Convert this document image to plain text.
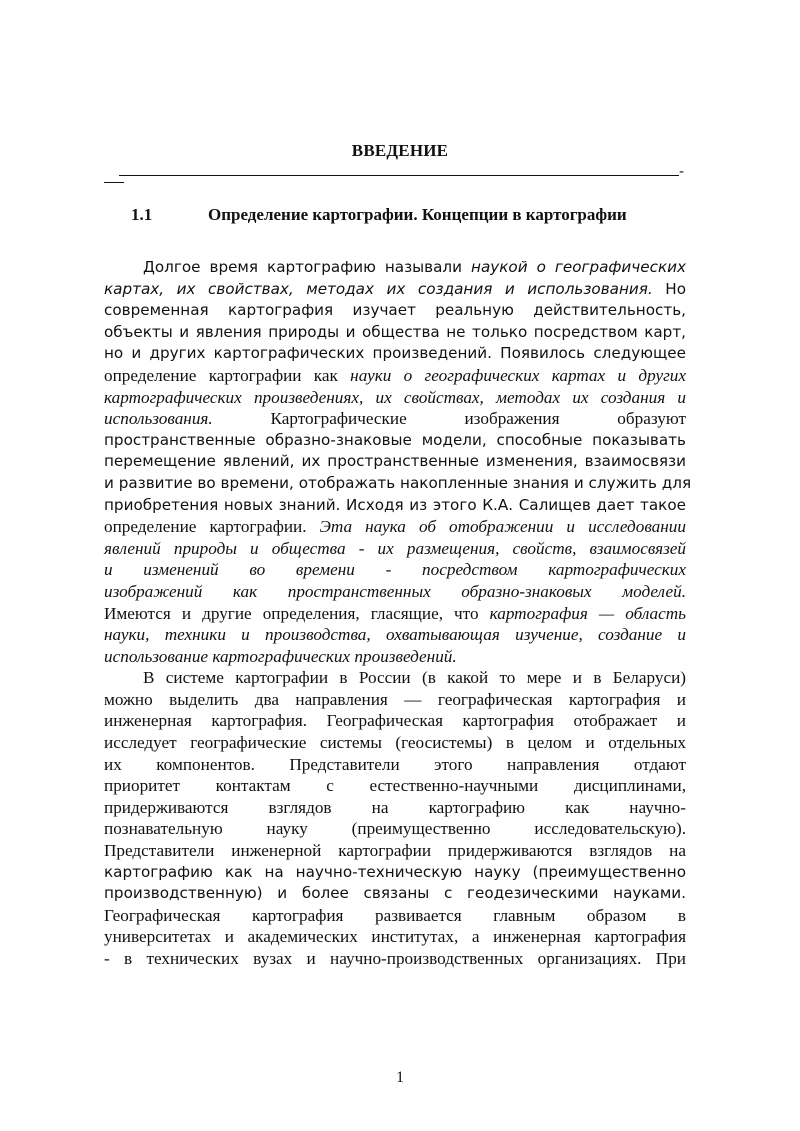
ВВЕДЕНИЕ
-
1.1	Определение картографии. Концепции в картографии
Долгое время картографию называли наукой о географических
картах, их свойствах, методах их создания и использования. Но
современная картография изучает реальную действительность,
объекты и явления природы и общества не только посредством карт,
но и других картографических произведений. Появилось следующее
определение картографии как науки о географических картах и других
картографических произведениях, их свойствах, методах их создания и
использования. Картографические изображения образуют
пространственные образно-знаковые модели, способные показывать
перемещение явлений, их пространственные изменения, взаимосвязи
и развитие во времени, отображать накопленные знания и служить для
приобретения новых знаний. Исходя из этого К.А. Салищев дает такое
определение картографии. Эта наука об отображении и исследовании
явлений природы и общества - их размещения, свойств, взаимосвязей
и изменений во времени - посредством картографических
изображений как пространственных образно-знаковых моделей.
Имеются и другие определения, гласящие, что картография — область
науки, техники и производства, охватывающая изучение, создание и
использование картографических произведений.
В системе картографии в России (в какой то мере и в Беларуси)
можно выделить два направления — географическая картография и
инженерная картография. Географическая картография отображает и
исследует географические системы (геосистемы) в целом и отдельных
их компонентов. Представители этого направления отдают
приоритет контактам с естественно-научными дисциплинами,
придерживаются взглядов на картографию как научно-
познавательную науку (преимущественно исследовательскую).
Представители инженерной картографии придерживаются взглядов на
картографию как на научно-техническую науку (преимущественно
производственную) и более связаны с геодезическими науками.
Географическая картография развивается главным образом в
университетах и академических институтах, а инженерная картография
- в технических вузах и научно-производственных организациях. При
1
